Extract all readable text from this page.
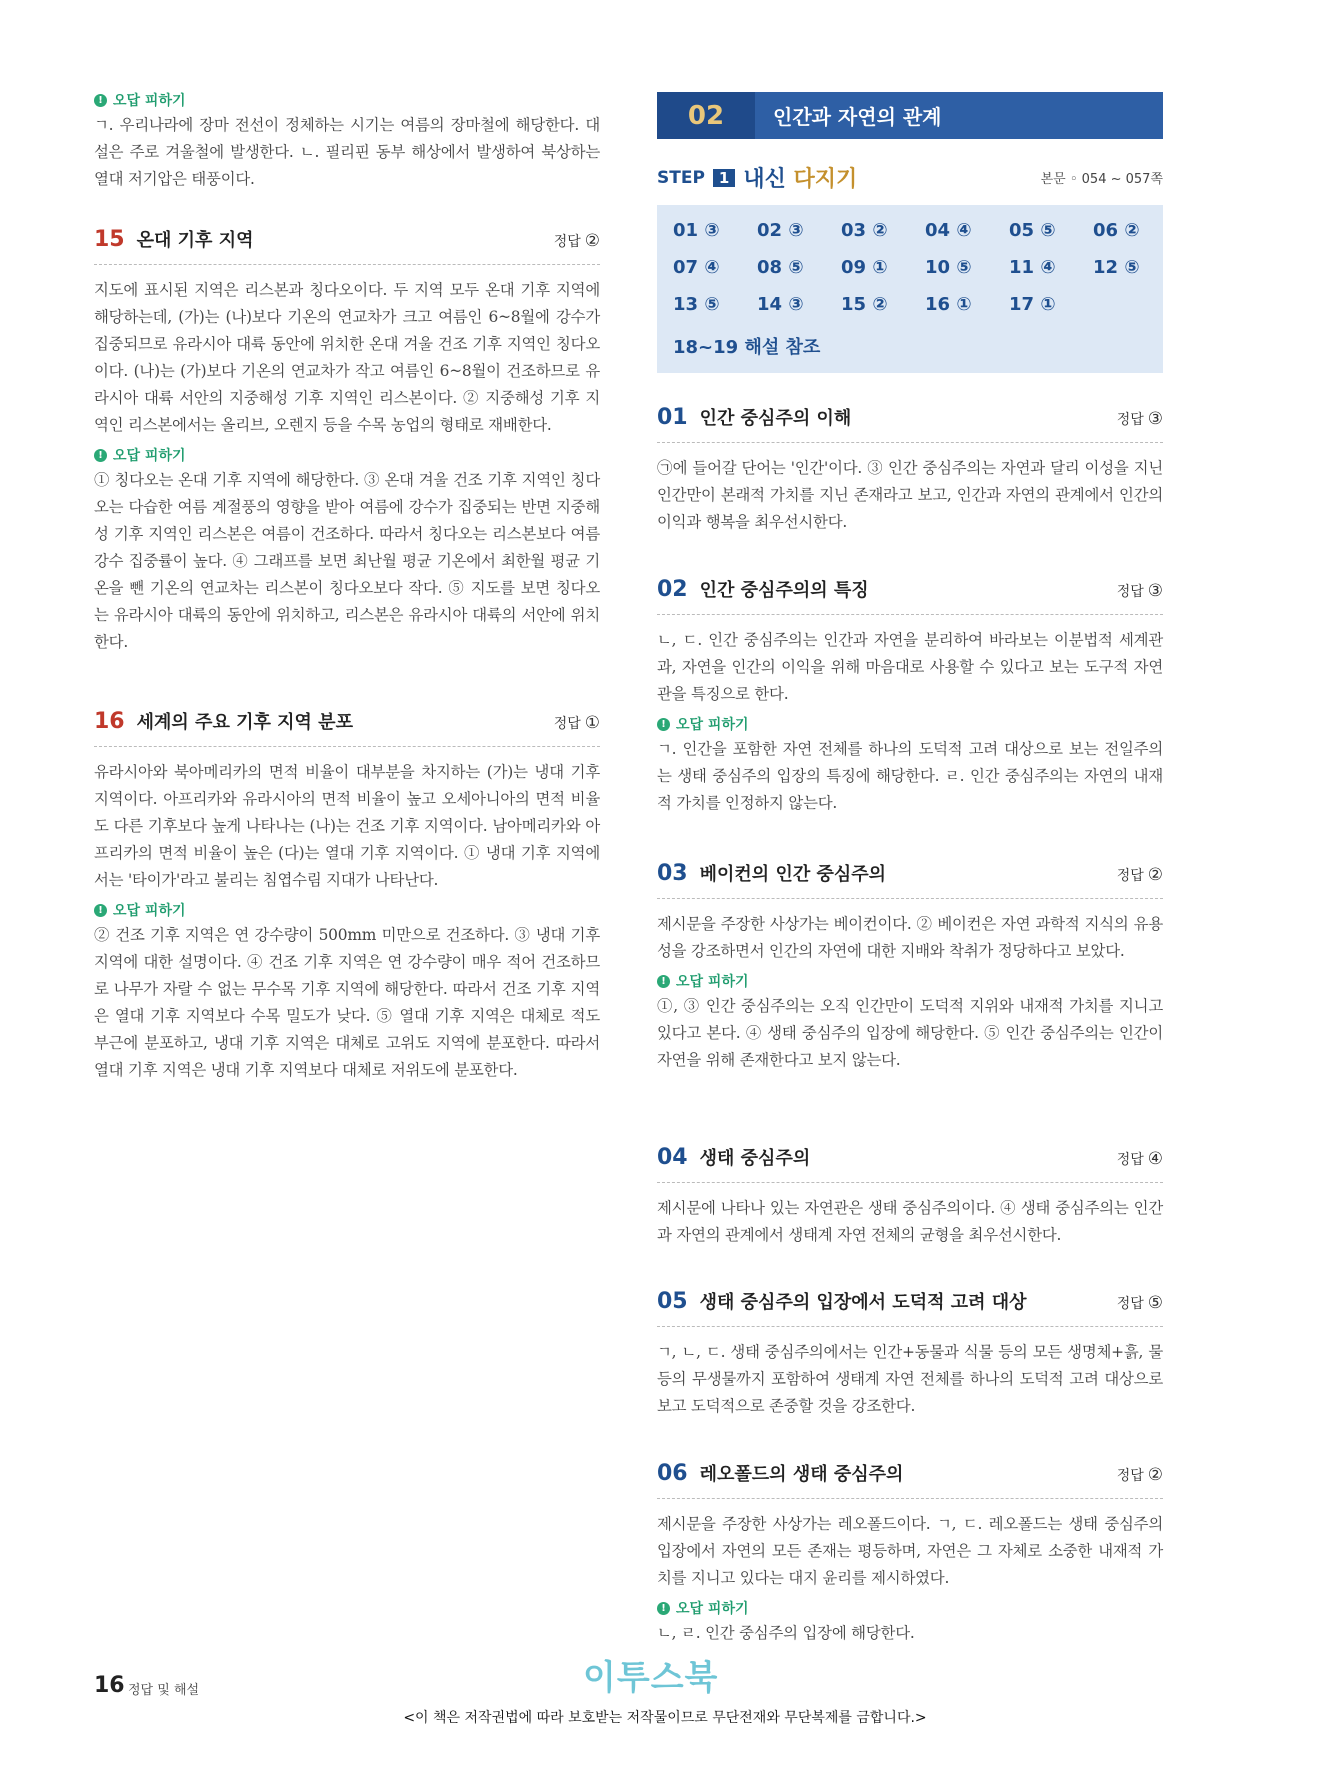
! 오답 피하기

ㄱ. 우리나라에 장마 전선이 정체하는 시기는 여름의 장마철에 해당한다. 대설은 주로 겨울철에 발생한다. ㄴ. 필리핀 동부 해상에서 발생하여 북상하는 열대 저기압은 태풍이다.

15 온대 기후 지역	정답 ②

지도에 표시된 지역은 리스본과 칭다오이다. 두 지역 모두 온대 기후 지역에 해당하는데, (가)는 (나)보다 기온의 연교차가 크고 여름인 6~8월에 강수가 집중되므로 유라시아 대륙 동안에 위치한 온대 겨울 건조 기후 지역인 칭다오이다. (나)는 (가)보다 기온의 연교차가 작고 여름인 6~8월이 건조하므로 유라시아 대륙 서안의 지중해성 기후 지역인 리스본이다. ② 지중해성 기후 지역인 리스본에서는 올리브, 오렌지 등을 수목 농업의 형태로 재배한다.

! 오답 피하기

① 칭다오는 온대 기후 지역에 해당한다. ③ 온대 겨울 건조 기후 지역인 칭다오는 다습한 여름 계절풍의 영향을 받아 여름에 강수가 집중되는 반면 지중해성 기후 지역인 리스본은 여름이 건조하다. 따라서 칭다오는 리스본보다 여름 강수 집중률이 높다. ④ 그래프를 보면 최난월 평균 기온에서 최한월 평균 기온을 뺀 기온의 연교차는 리스본이 칭다오보다 작다. ⑤ 지도를 보면 칭다오는 유라시아 대륙의 동안에 위치하고, 리스본은 유라시아 대륙의 서안에 위치한다.

16 세계의 주요 기후 지역 분포	정답 ①

유라시아와 북아메리카의 면적 비율이 대부분을 차지하는 (가)는 냉대 기후 지역이다. 아프리카와 유라시아의 면적 비율이 높고 오세아니아의 면적 비율도 다른 기후보다 높게 나타나는 (나)는 건조 기후 지역이다. 남아메리카와 아프리카의 면적 비율이 높은 (다)는 열대 기후 지역이다. ① 냉대 기후 지역에서는 '타이가'라고 불리는 침엽수림 지대가 나타난다.

! 오답 피하기

② 건조 기후 지역은 연 강수량이 500mm 미만으로 건조하다. ③ 냉대 기후 지역에 대한 설명이다. ④ 건조 기후 지역은 연 강수량이 매우 적어 건조하므로 나무가 자랄 수 없는 무수목 기후 지역에 해당한다. 따라서 건조 기후 지역은 열대 기후 지역보다 수목 밀도가 낮다. ⑤ 열대 기후 지역은 대체로 적도 부근에 분포하고, 냉대 기후 지역은 대체로 고위도 지역에 분포한다. 따라서 열대 기후 지역은 냉대 기후 지역보다 대체로 저위도에 분포한다.

02	인간과 자연의 관계
STEP 1 내신 다지기	본문 ◦ 054 ~ 057쪽
01 ③	02 ③	03 ②	04 ④	05 ⑤	06 ②
07 ④	08 ⑤	09 ①	10 ⑤	11 ④	12 ⑤
13 ⑤	14 ③	15 ②	16 ①	17 ①
18~19 해설 참조
01 인간 중심주의 이해	정답 ③

㉠에 들어갈 단어는 '인간'이다. ③ 인간 중심주의는 자연과 달리 이성을 지닌 인간만이 본래적 가치를 지닌 존재라고 보고, 인간과 자연의 관계에서 인간의 이익과 행복을 최우선시한다.

02 인간 중심주의의 특징	정답 ③

ㄴ, ㄷ. 인간 중심주의는 인간과 자연을 분리하여 바라보는 이분법적 세계관과, 자연을 인간의 이익을 위해 마음대로 사용할 수 있다고 보는 도구적 자연관을 특징으로 한다.

! 오답 피하기

ㄱ. 인간을 포함한 자연 전체를 하나의 도덕적 고려 대상으로 보는 전일주의는 생태 중심주의 입장의 특징에 해당한다. ㄹ. 인간 중심주의는 자연의 내재적 가치를 인정하지 않는다.

03 베이컨의 인간 중심주의	정답 ②

제시문을 주장한 사상가는 베이컨이다. ② 베이컨은 자연 과학적 지식의 유용성을 강조하면서 인간의 자연에 대한 지배와 착취가 정당하다고 보았다.

! 오답 피하기

①, ③ 인간 중심주의는 오직 인간만이 도덕적 지위와 내재적 가치를 지니고 있다고 본다. ④ 생태 중심주의 입장에 해당한다. ⑤ 인간 중심주의는 인간이 자연을 위해 존재한다고 보지 않는다.

04 생태 중심주의	정답 ④

제시문에 나타나 있는 자연관은 생태 중심주의이다. ④ 생태 중심주의는 인간과 자연의 관계에서 생태계 자연 전체의 균형을 최우선시한다.

05 생태 중심주의 입장에서 도덕적 고려 대상	정답 ⑤

ㄱ, ㄴ, ㄷ. 생태 중심주의에서는 인간+동물과 식물 등의 모든 생명체+흙, 물 등의 무생물까지 포함하여 생태계 자연 전체를 하나의 도덕적 고려 대상으로 보고 도덕적으로 존중할 것을 강조한다.

06 레오폴드의 생태 중심주의	정답 ②

제시문을 주장한 사상가는 레오폴드이다. ㄱ, ㄷ. 레오폴드는 생태 중심주의 입장에서 자연의 모든 존재는 평등하며, 자연은 그 자체로 소중한 내재적 가치를 지니고 있다는 대지 윤리를 제시하였다.

! 오답 피하기

ㄴ, ㄹ. 인간 중심주의 입장에 해당한다.

16 정답 및 해설	이투스북
<이 책은 저작권법에 따라 보호받는 저작물이므로 무단전재와 무단복제를 금합니다.>
